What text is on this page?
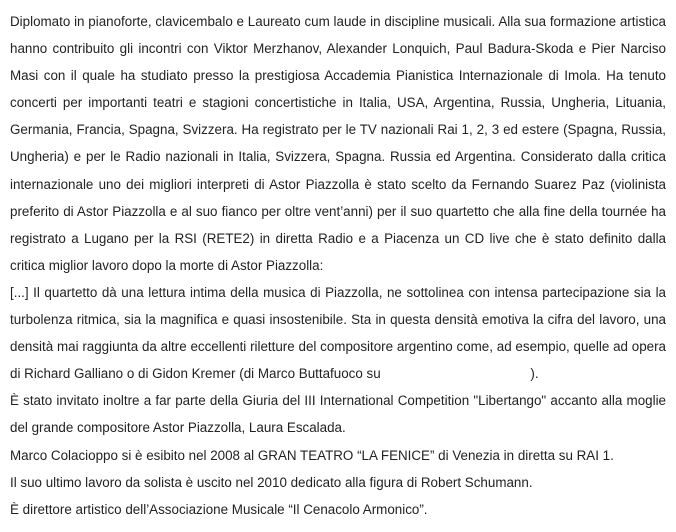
Diplomato in pianoforte, clavicembalo e Laureato cum laude in discipline musicali. Alla sua formazione artistica hanno contribuito gli incontri con Viktor Merzhanov, Alexander Lonquich, Paul Badura-Skoda e Pier Narciso Masi con il quale ha studiato presso la prestigiosa Accademia Pianistica Internazionale di Imola. Ha tenuto concerti per importanti teatri e stagioni concertistiche in Italia, USA, Argentina, Russia, Ungheria, Lituania, Germania, Francia, Spagna, Svizzera. Ha registrato per le TV nazionali Rai 1, 2, 3 ed estere (Spagna, Russia, Ungheria) e per le Radio nazionali in Italia, Svizzera, Spagna. Russia ed Argentina. Considerato dalla critica internazionale uno dei migliori interpreti di Astor Piazzolla è stato scelto da Fernando Suarez Paz (violinista preferito di Astor Piazzolla e al suo fianco per oltre vent’anni) per il suo quartetto che alla fine della tournée ha registrato a Lugano per la RSI (RETE2) in diretta Radio e a Piacenza un CD live che è stato definito dalla critica miglior lavoro dopo la morte di Astor Piazzolla:

[...] Il quartetto dà una lettura intima della musica di Piazzolla, ne sottolinea con intensa partecipazione sia la turbolenza ritmica, sia la magnifica e quasi insostenibile. Sta in questa densità emotiva la cifra del lavoro, una densità mai raggiunta da altre eccellenti riletture del compositore argentino come, ad esempio, quelle ad opera di Richard Galliano o di Gidon Kremer (di Marco Buttafuoco su	).

È stato invitato inoltre a far parte della Giuria del III International Competition "Libertango" accanto alla moglie del grande compositore Astor Piazzolla, Laura Escalada.

Marco Colacioppo si è esibito nel 2008 al GRAN TEATRO “LA FENICE” di Venezia in diretta su RAI 1.

Il suo ultimo lavoro da solista è uscito nel 2010 dedicato alla figura di Robert Schumann.

È direttore artistico dell’Associazione Musicale “Il Cenacolo Armonico”.
